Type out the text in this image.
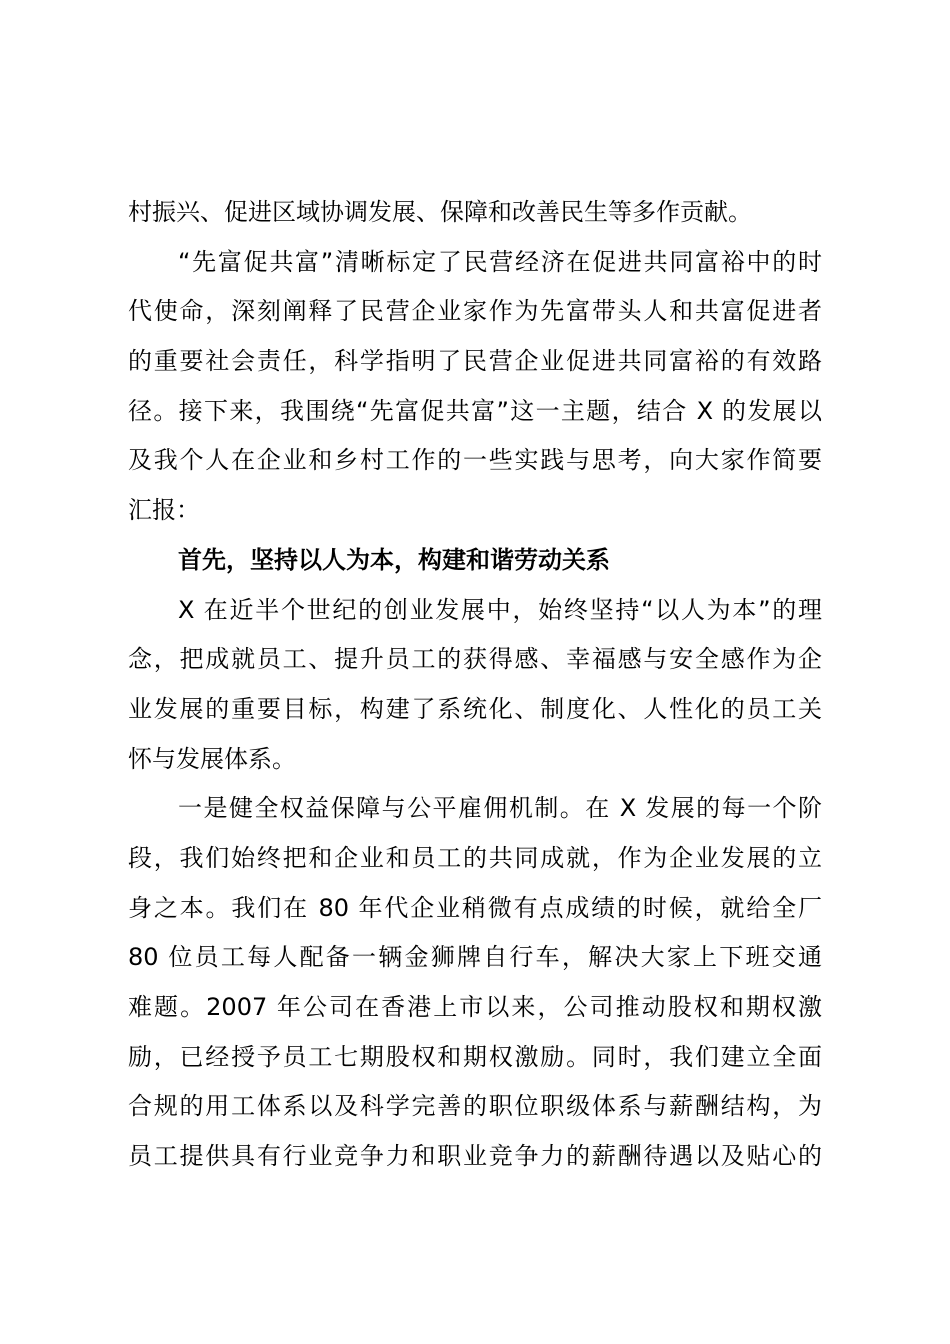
村振兴、促进区域协调发展、保障和改善民生等多作贡献。
“先富促共富”清晰标定了民营经济在促进共同富裕中的时
代使命，深刻阐释了民营企业家作为先富带头人和共富促进者
的重要社会责任，科学指明了民营企业促进共同富裕的有效路
径。接下来，我围绕“先富促共富”这一主题，结合 X 的发展以
及我个人在企业和乡村工作的一些实践与思考，向大家作简要
汇报：
首先，坚持以人为本，构建和谐劳动关系
X 在近半个世纪的创业发展中，始终坚持“以人为本”的理
念，把成就员工、提升员工的获得感、幸福感与安全感作为企
业发展的重要目标，构建了系统化、制度化、人性化的员工关
怀与发展体系。
一是健全权益保障与公平雇佣机制。在 X 发展的每一个阶
段，我们始终把和企业和员工的共同成就，作为企业发展的立
身之本。我们在 80 年代企业稍微有点成绩的时候，就给全厂
80 位员工每人配备一辆金狮牌自行车，解决大家上下班交通
难题。2007 年公司在香港上市以来，公司推动股权和期权激
励，已经授予员工七期股权和期权激励。同时，我们建立全面
合规的用工体系以及科学完善的职位职级体系与薪酬结构，为
员工提供具有行业竞争力和职业竞争力的薪酬待遇以及贴心的
